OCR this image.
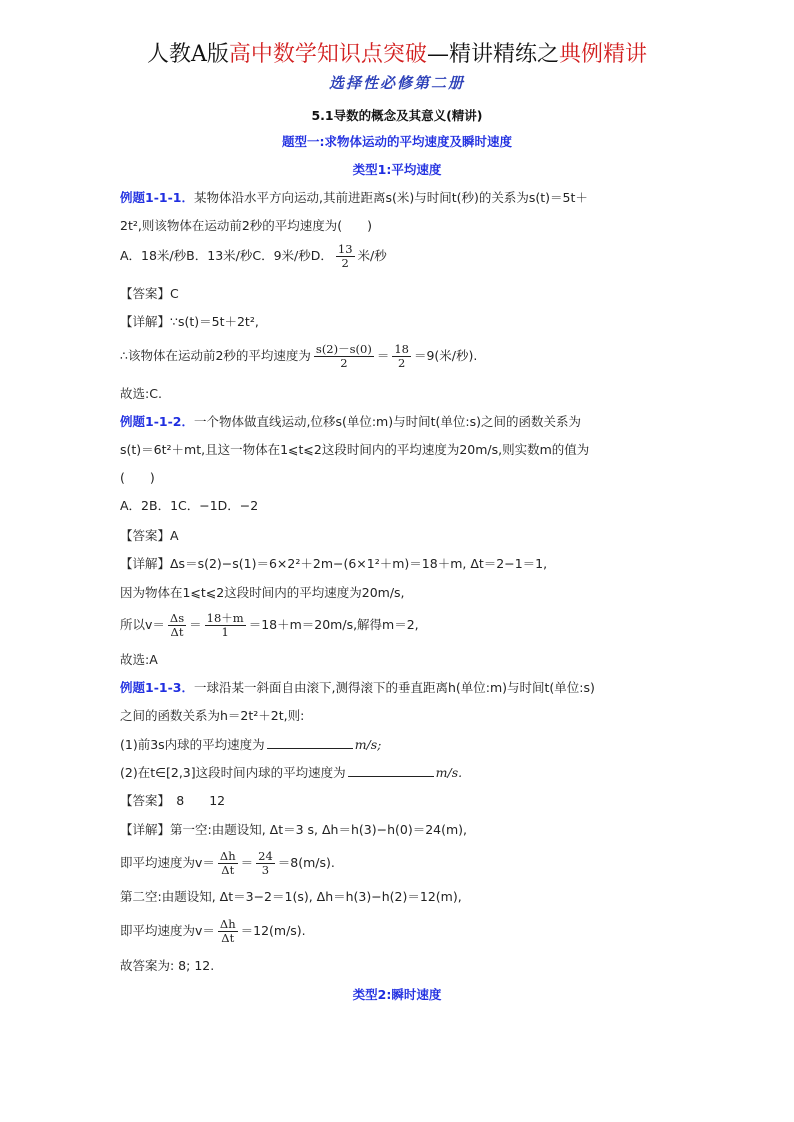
人教A版高中数学知识点突破—精讲精练之典例精讲
选择性必修第二册
5.1导数的概念及其意义(精讲)
题型一:求物体运动的平均速度及瞬时速度
类型1:平均速度
例题1-1-1．某物体沿水平方向运动,其前进距离s(米)与时间t(秒)的关系为s(t)＝5t＋
2t²,则该物体在运动前2秒的平均速度为(　　)
A．18米/秒B．13米/秒C．9米/秒D． $\frac{13}{2}$ 米/秒
【答案】C
【详解】∵s(t)＝5t＋2t²,
∴该物体在运动前2秒的平均速度为 $\frac{s(2)-s(0)}{2} = \frac{18}{2} =9$(米/秒).
故选:C.
例题1-1-2．一个物体做直线运动,位移s(单位:m)与时间t(单位:s)之间的函数关系为
s(t)＝6t²＋mt,且这一物体在1⩽t⩽2这段时间内的平均速度为20m/s,则实数m的值为
(　　)
A．2B．1C．−1D．−2
【答案】A
【详解】Δs＝s(2)−s(1)＝6×2²＋2m−(6×1²＋m)＝18＋m, Δt＝2−1＝1,
因为物体在1⩽t⩽2这段时间内的平均速度为20m/s,
所以$v= \frac{\Delta s}{\Delta t} = \frac{18+m}{1} =18+m=20m/s$,解得m＝2,
故选:A
例题1-1-3．一球沿某一斜面自由滚下,测得滚下的垂直距离h(单位:m)与时间t(单位:s)
之间的函数关系为h＝2t²＋2t,则:
(1)前3s内球的平均速度为	m/s;
(2)在t∈[2,3]这段时间内球的平均速度为	m/s.
【答案】　8　　12
【详解】第一空:由题设知, Δt＝3 s, Δh＝h(3)−h(0)＝24(m),
即平均速度为$v= \frac{\Delta h}{\Delta t} = \frac{24}{3} =8(m/s)$.
第二空:由题设知, Δt＝3−2＝1(s), Δh＝h(3)−h(2)＝12(m),
即平均速度为$v= \frac{\Delta h}{\Delta t} =12(m/s)$.
故答案为: 8; 12.
类型2:瞬时速度
